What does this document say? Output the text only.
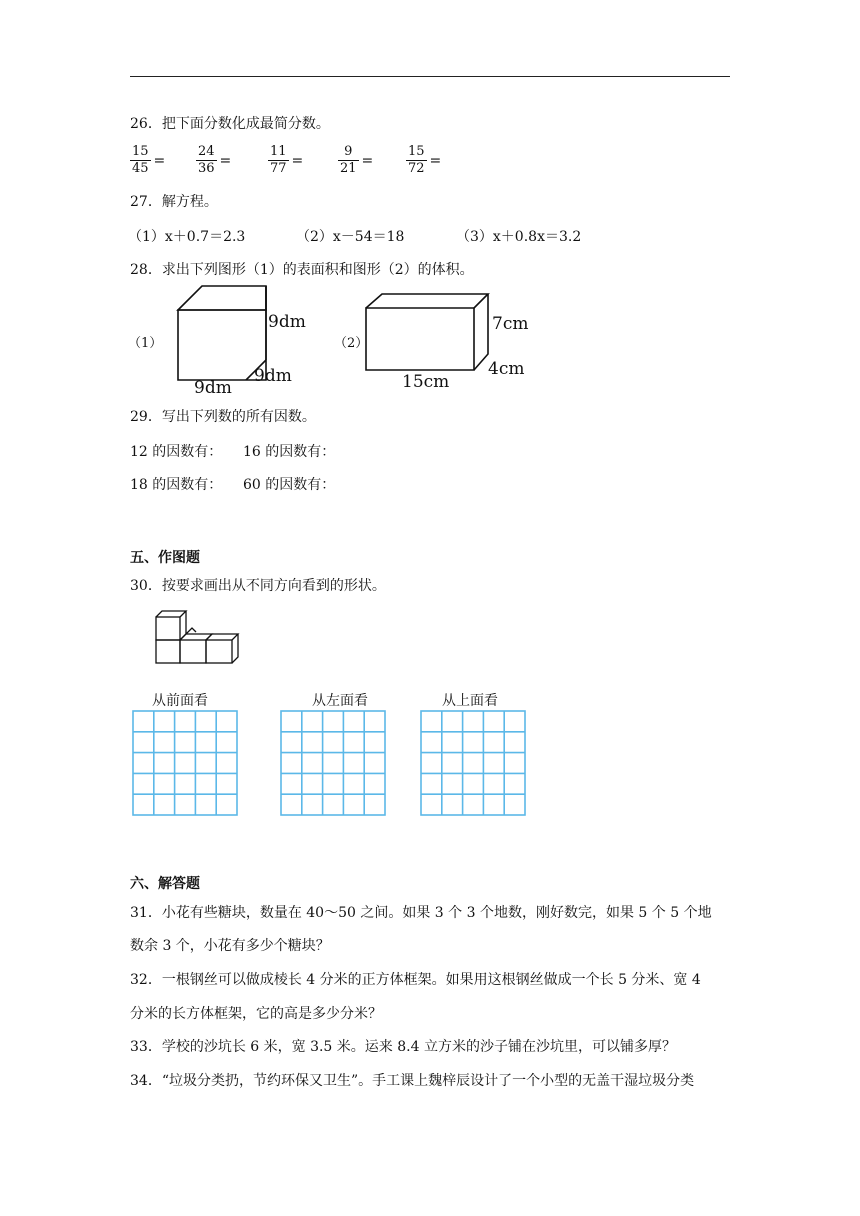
26．把下面分数化成最简分数。
15
45 =
24
36 =
11
77 =
9
21 =
15
72 =
27．解方程。
（1）x＋0.7＝2.3	（2）x－54＝18	（3）x＋0.8x＝3.2
28．求出下列图形（1）的表面积和图形（2）的体积。
（1）
9dm
9dm
9dm
（2）
7cm
15cm
4cm
29．写出下列数的所有因数。
12 的因数有： 16 的因数有：
18 的因数有： 60 的因数有：
五、作图题
30．按要求画出从不同方向看到的形状。
从前面看	从左面看	从上面看
六、解答题
31．小花有些糖块，数量在 40～50 之间。如果 3 个 3 个地数，刚好数完，如果 5 个 5 个地
数余 3 个，小花有多少个糖块？
32．一根钢丝可以做成棱长 4 分米的正方体框架。如果用这根钢丝做成一个长 5 分米、宽 4
分米的长方体框架，它的高是多少分米？
33．学校的沙坑长 6 米，宽 3.5 米。运来 8.4 立方米的沙子铺在沙坑里，可以铺多厚？
34．“垃圾分类扔，节约环保又卫生”。手工课上魏梓辰设计了一个小型的无盖干湿垃圾分类
